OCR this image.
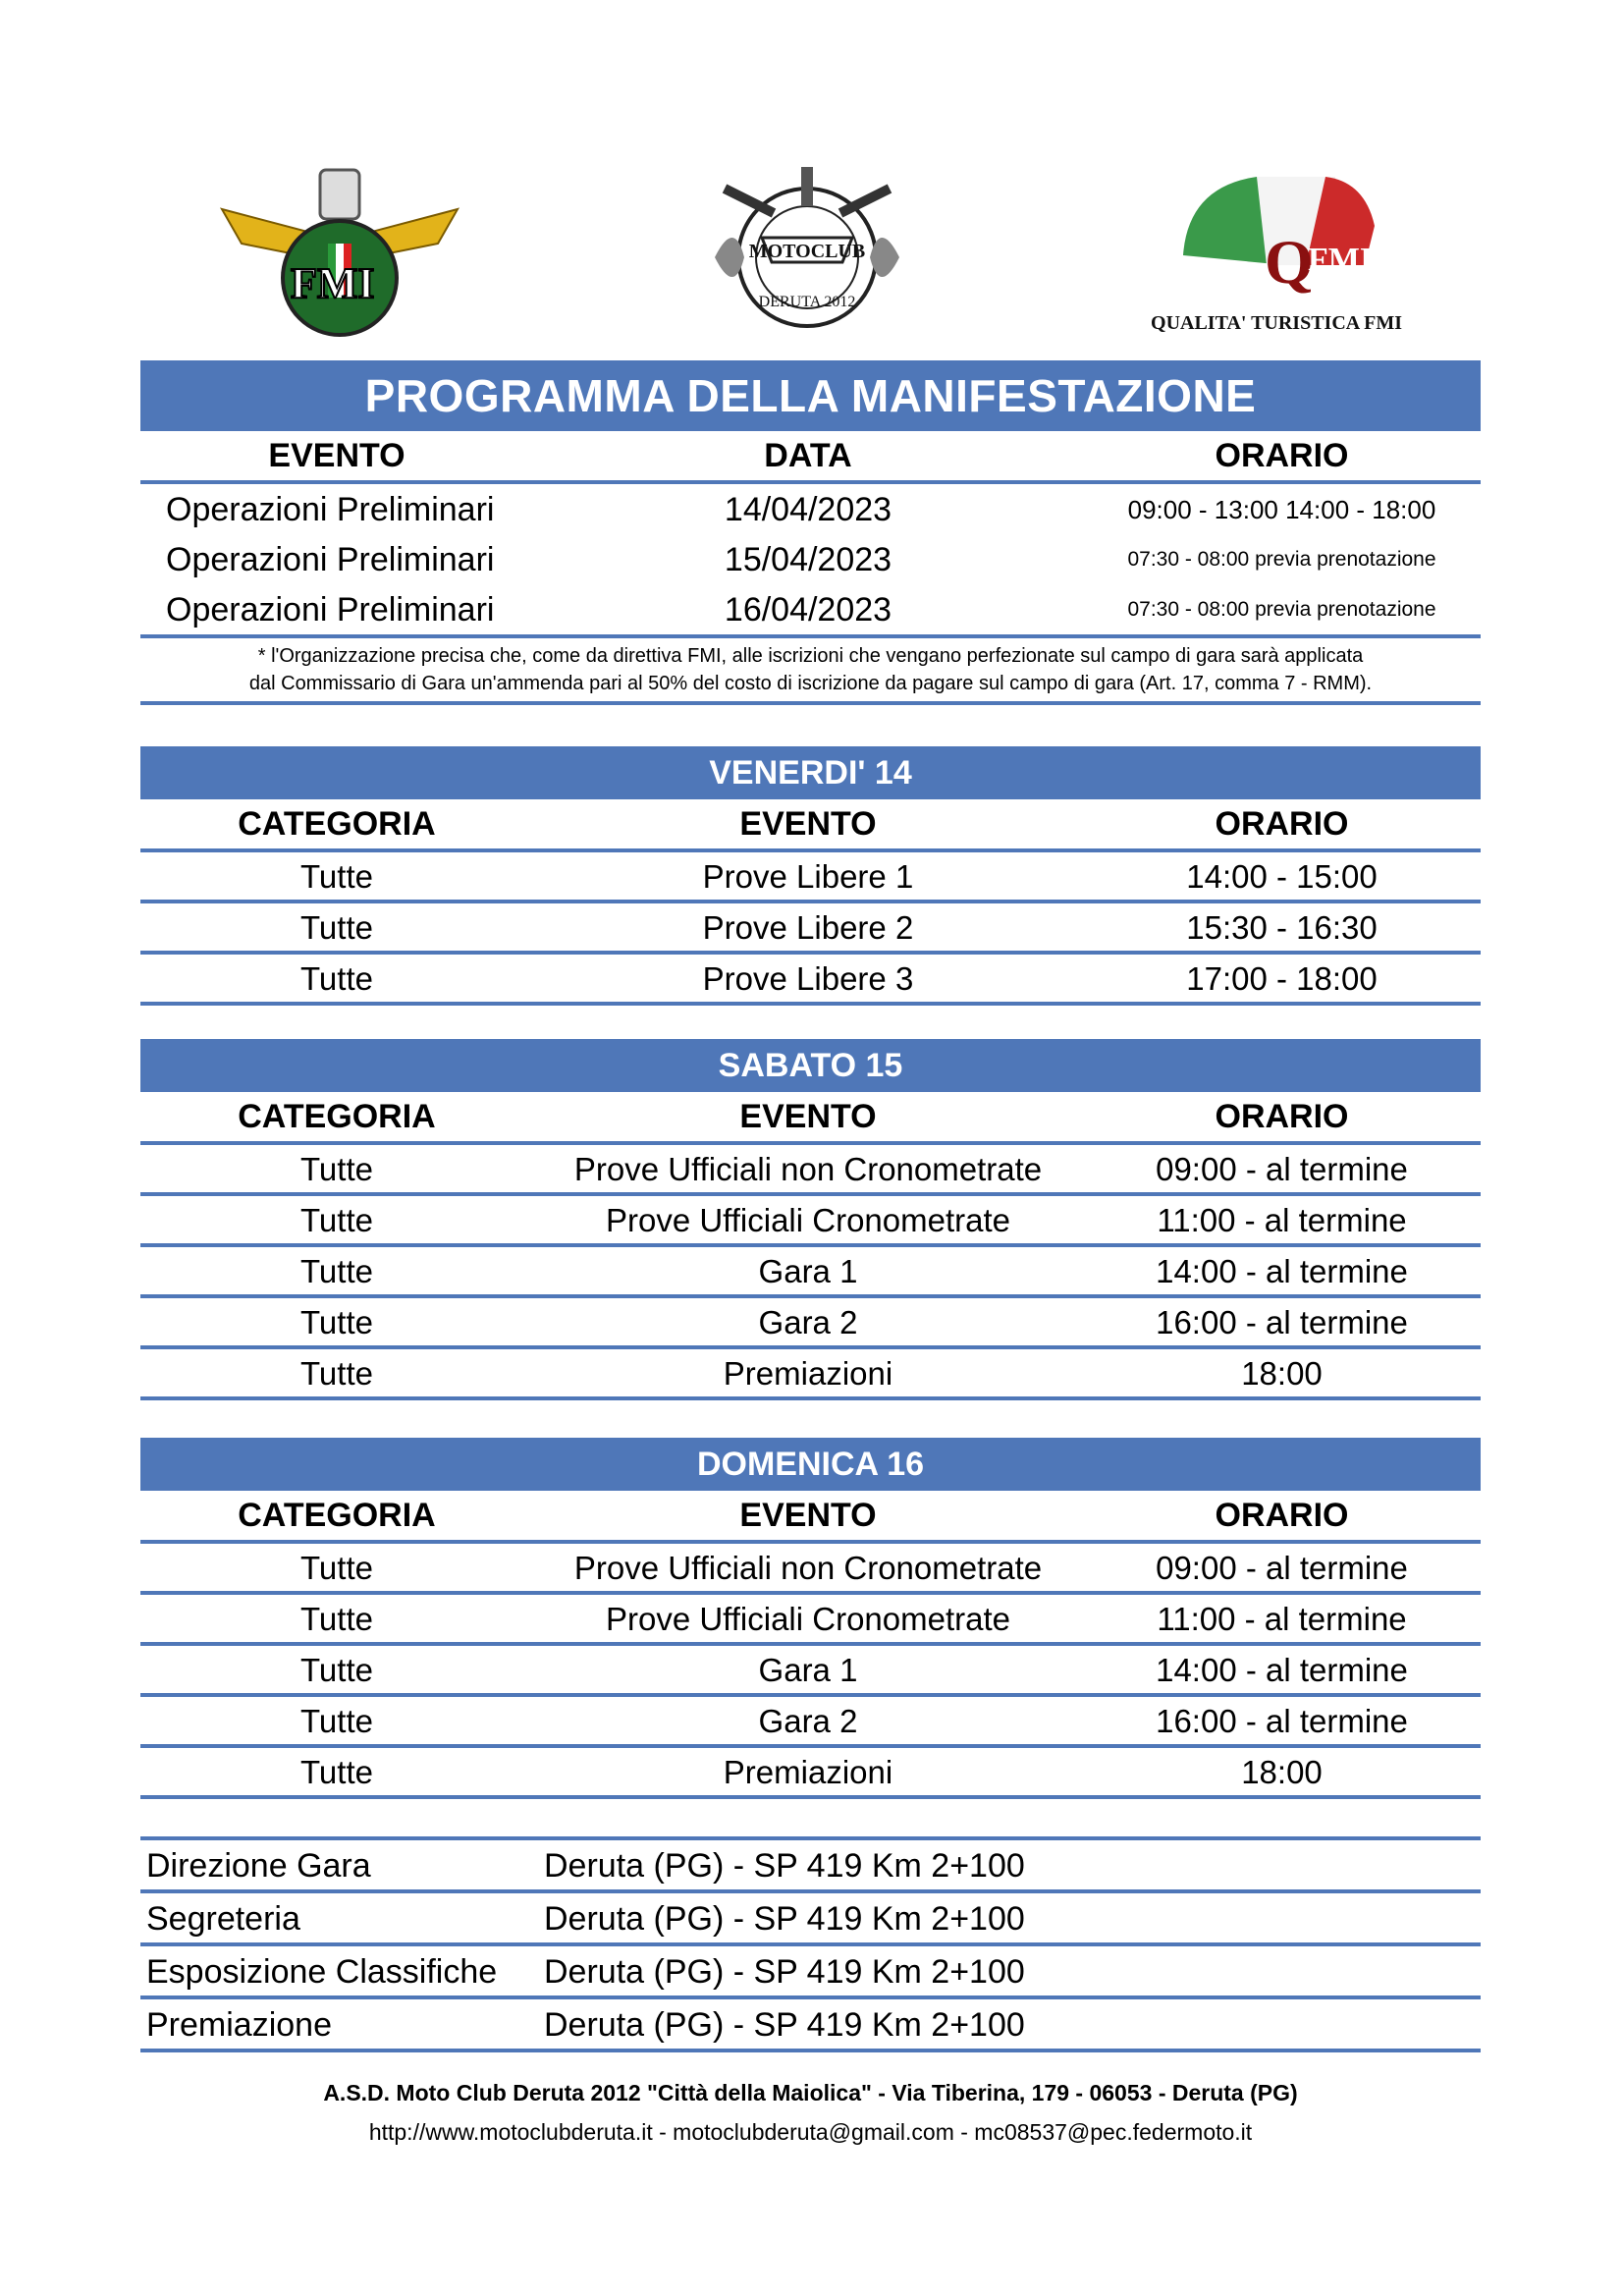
FMI
MOTOCLUB
DERUTA 2012
Turismo Q
FMI
QUALITA' TURISTICA FMI
PROGRAMMA DELLA MANIFESTAZIONE
EVENTO	DATA	ORARIO
Operazioni Preliminari	14/04/2023	09:00 - 13:00 14:00 - 18:00
Operazioni Preliminari	15/04/2023	07:30 - 08:00 previa prenotazione
Operazioni Preliminari	16/04/2023	07:30 - 08:00 previa prenotazione
* l'Organizzazione precisa che, come da direttiva FMI, alle iscrizioni che vengano perfezionate sul campo di gara sarà applicata
dal Commissario di Gara un'ammenda pari al 50% del costo di iscrizione da pagare sul campo di gara (Art. 17, comma 7 - RMM).
VENERDI' 14
CATEGORIA	EVENTO	ORARIO
Tutte	Prove Libere 1	14:00 - 15:00
Tutte	Prove Libere 2	15:30 - 16:30
Tutte	Prove Libere 3	17:00 - 18:00
SABATO 15
CATEGORIA	EVENTO	ORARIO
Tutte	Prove Ufficiali non Cronometrate	09:00 - al termine
Tutte	Prove Ufficiali Cronometrate	11:00 - al termine
Tutte	Gara 1	14:00 - al termine
Tutte	Gara 2	16:00 - al termine
Tutte	Premiazioni	18:00
DOMENICA 16
CATEGORIA	EVENTO	ORARIO
Tutte	Prove Ufficiali non Cronometrate	09:00 - al termine
Tutte	Prove Ufficiali Cronometrate	11:00 - al termine
Tutte	Gara 1	14:00 - al termine
Tutte	Gara 2	16:00 - al termine
Tutte	Premiazioni	18:00
Direzione Gara	Deruta (PG) - SP 419 Km 2+100
Segreteria	Deruta (PG) - SP 419 Km 2+100
Esposizione Classifiche	Deruta (PG) - SP 419 Km 2+100
Premiazione	Deruta (PG) - SP 419 Km 2+100
A.S.D. Moto Club Deruta 2012 "Città della Maiolica" - Via Tiberina, 179 - 06053 - Deruta (PG)
http://www.motoclubderuta.it - motoclubderuta@gmail.com - mc08537@pec.federmoto.it
